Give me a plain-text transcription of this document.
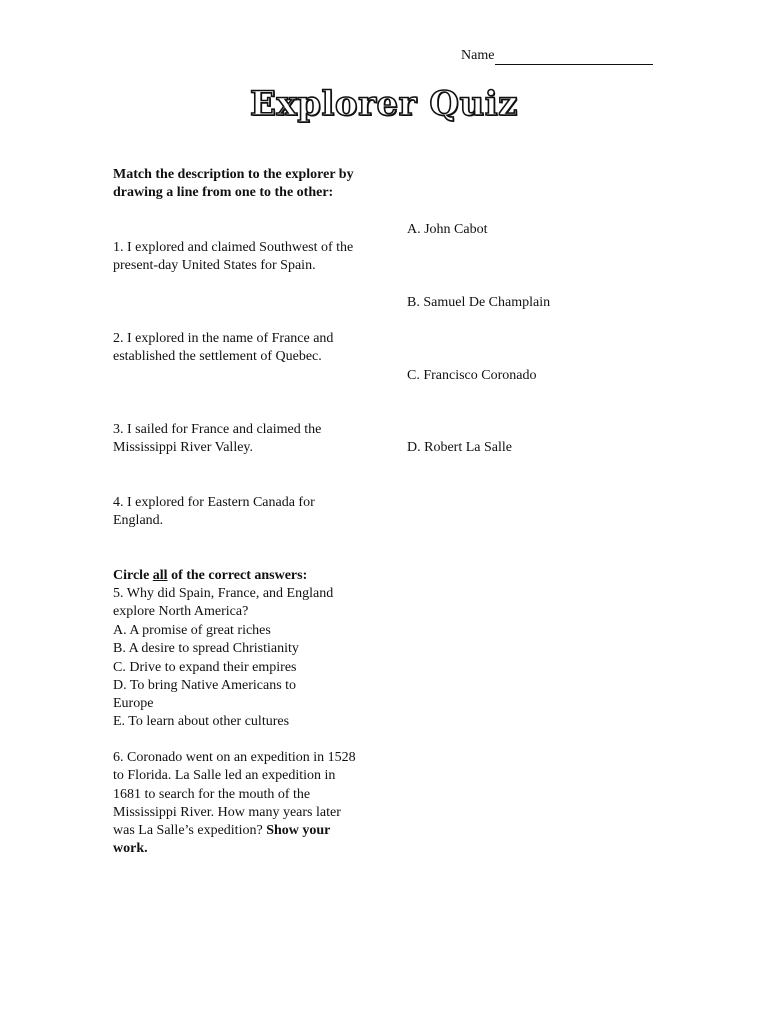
Name
Explorer Quiz
Match the description to the explorer by drawing a line from one to the other:
1. I explored and claimed Southwest of the present-day United States for Spain.
2. I explored in the name of France and established the settlement of Quebec.
3. I sailed for France and claimed the Mississippi River Valley.
4. I explored for Eastern Canada for England.
A. John Cabot
B. Samuel De Champlain
C. Francisco Coronado
D. Robert La Salle
Circle all of the correct answers:
5. Why did Spain, France, and England explore North America?
A. A promise of great riches
B. A desire to spread Christianity
C. Drive to expand their empires
D. To bring Native Americans to Europe
E. To learn about other cultures
6. Coronado went on an expedition in 1528 to Florida. La Salle led an expedition in 1681 to search for the mouth of the Mississippi River. How many years later was La Salle’s expedition? Show your work.
